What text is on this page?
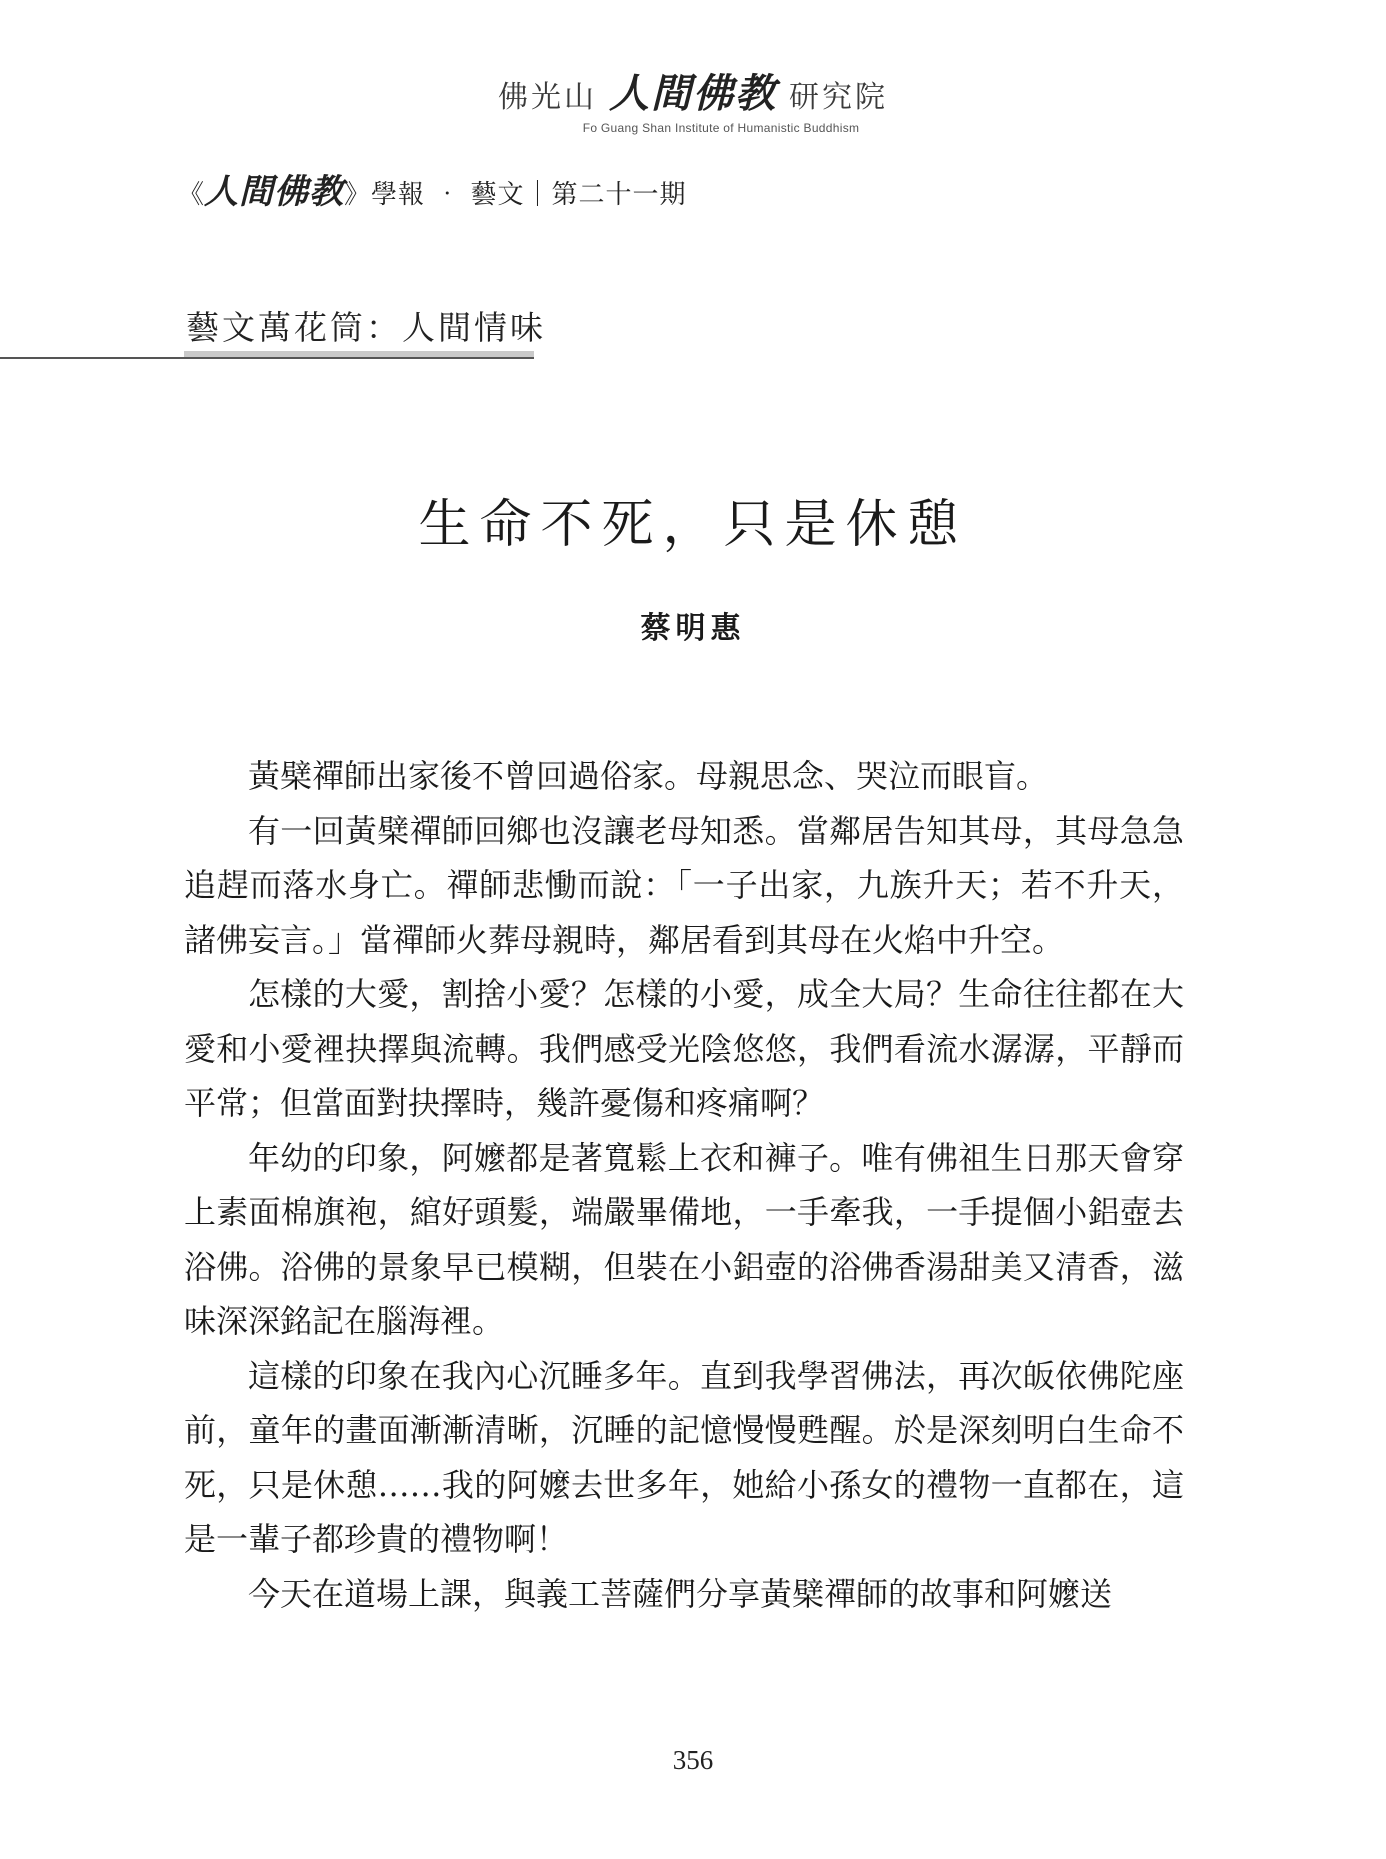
佛光山 人間佛教 研究院
Fo Guang Shan Institute of Humanistic Buddhism
《 人間佛教 》學報 ‧ 藝文｜第二十一期
藝文萬花筒：人間情味
生命不死，只是休憩
蔡明惠

黃檗禪師出家後不曾回過俗家。母親思念、哭泣而眼盲。

有一回黃檗禪師回鄉也沒讓老母知悉。當鄰居告知其母，其母急急追趕而落水身亡。禪師悲慟而說：「一子出家，九族升天；若不升天，諸佛妄言。」當禪師火葬母親時，鄰居看到其母在火焰中升空。

怎樣的大愛，割捨小愛？怎樣的小愛，成全大局？生命往往都在大愛和小愛裡抉擇與流轉。我們感受光陰悠悠，我們看流水潺潺，平靜而平常；但當面對抉擇時，幾許憂傷和疼痛啊？

年幼的印象，阿嬤都是著寬鬆上衣和褲子。唯有佛祖生日那天會穿上素面棉旗袍，綰好頭髮，端嚴畢備地，一手牽我，一手提個小鋁壺去浴佛。浴佛的景象早已模糊，但裝在小鋁壺的浴佛香湯甜美又清香，滋味深深銘記在腦海裡。

這樣的印象在我內心沉睡多年。直到我學習佛法，再次皈依佛陀座前，童年的畫面漸漸清晰，沉睡的記憶慢慢甦醒。於是深刻明白生命不死，只是休憩……我的阿嬤去世多年，她給小孫女的禮物一直都在，這是一輩子都珍貴的禮物啊！

今天在道場上課，與義工菩薩們分享黃檗禪師的故事和阿嬤送

356
